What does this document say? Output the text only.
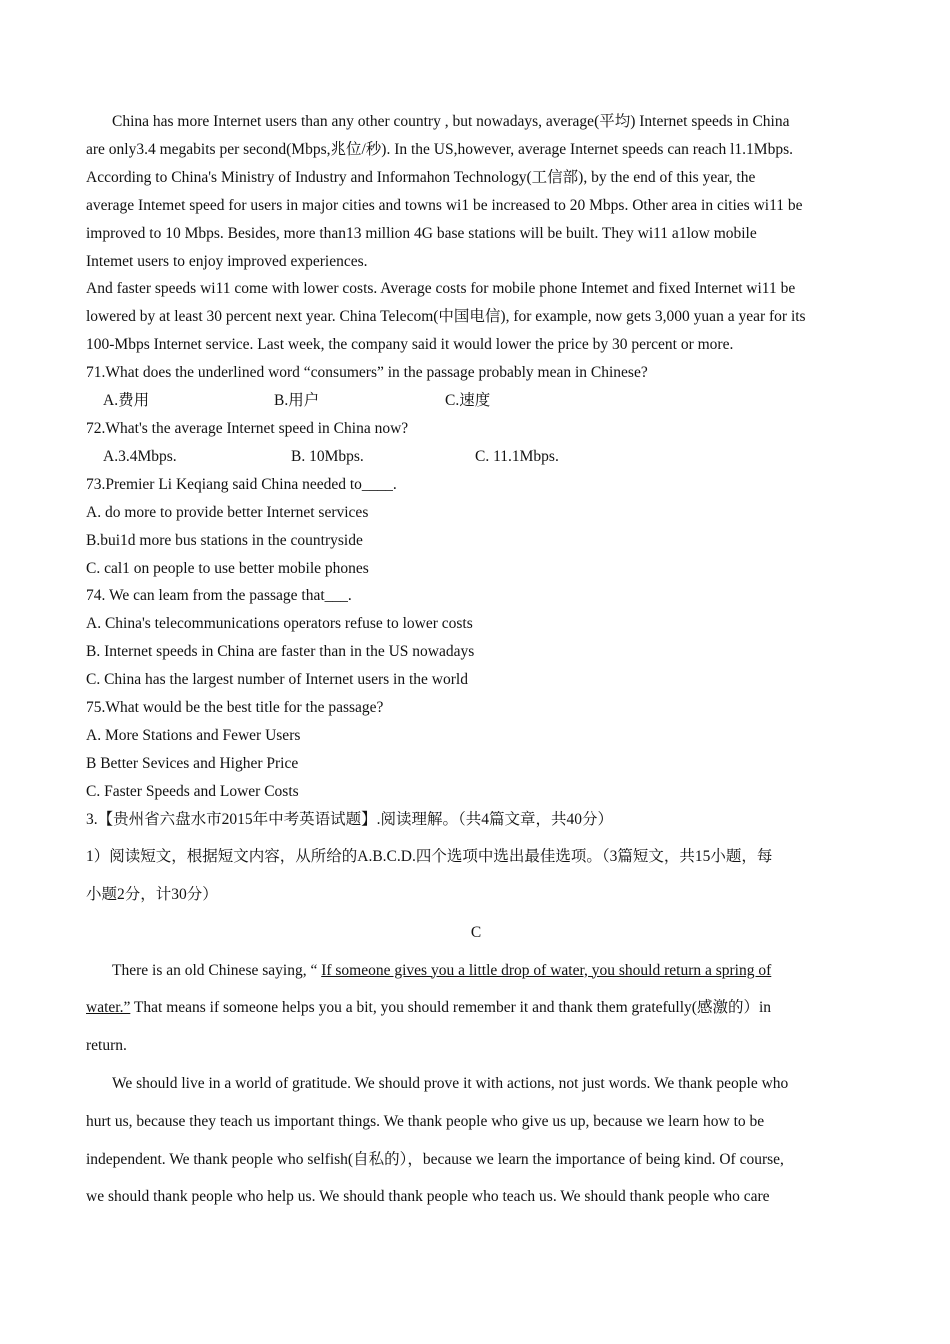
China has more Internet users than any other country , but nowadays, average(平均) Internet speeds in China

are only3.4 megabits per second(Mbps,兆位/秒). In the US,however, average Internet speeds can reach l1.1Mbps.

According to China's Ministry of Industry and Informahon Technology(工信部), by the end of this year, the

average Intemet speed for users in major cities and towns wi1 be increased to 20 Mbps. Other area in cities wi11 be

improved to 10 Mbps. Besides, more than13 million 4G base stations will be built. They wi11 a1low mobile

Intemet users to enjoy improved experiences.

And faster speeds wi11 come with lower costs. Average costs for mobile phone Intemet and fixed Internet wi11 be

lowered by at least 30 percent next year. China Telecom(中国电信), for example, now gets 3,000 yuan a year for its

100-Mbps Internet service. Last week, the company said it would lower the price by 30 percent or more.

71.What does the underlined word “consumers” in the passage probably mean in Chinese?

A.费用	B.用户	C.速度

72.What's the average Internet speed in China now?

A.3.4Mbps.	B. 10Mbps.	C. 11.1Mbps.

73.Premier Li Keqiang said China needed to____.

A. do more to provide better Internet services

B.bui1d more bus stations in the countryside

C. cal1 on people to use better mobile phones

74. We can leam from the passage that___.

A. China's telecommunications operators refuse to lower costs

B. Internet speeds in China are faster than in the US nowadays

C. China has the largest number of Internet users in the world

75.What would be the best title for the passage?

A. More Stations and Fewer Users

B Better Sevices and Higher Price

C. Faster Speeds and Lower Costs

3.【贵州省六盘水市2015年中考英语试题】.阅读理解。（共4篇文章，共40分）

1）阅读短文，根据短文内容，从所给的A.B.C.D.四个选项中选出最佳选项。（3篇短文，共15小题，每

小题2分，计30分）

C

There is an old Chinese saying, “ If someone gives you a little drop of water, you should return a spring of

water.” That means if someone helps you a bit, you should remember it and thank them gratefully(感激的）in

return.

We should live in a world of gratitude. We should prove it with actions, not just words. We thank people who

hurt us, because they teach us important things. We thank people who give us up, because we learn how to be

independent. We thank people who selfish(自私的），because we learn the importance of being kind. Of course,

we should thank people who help us. We should thank people who teach us. We should thank people who care
